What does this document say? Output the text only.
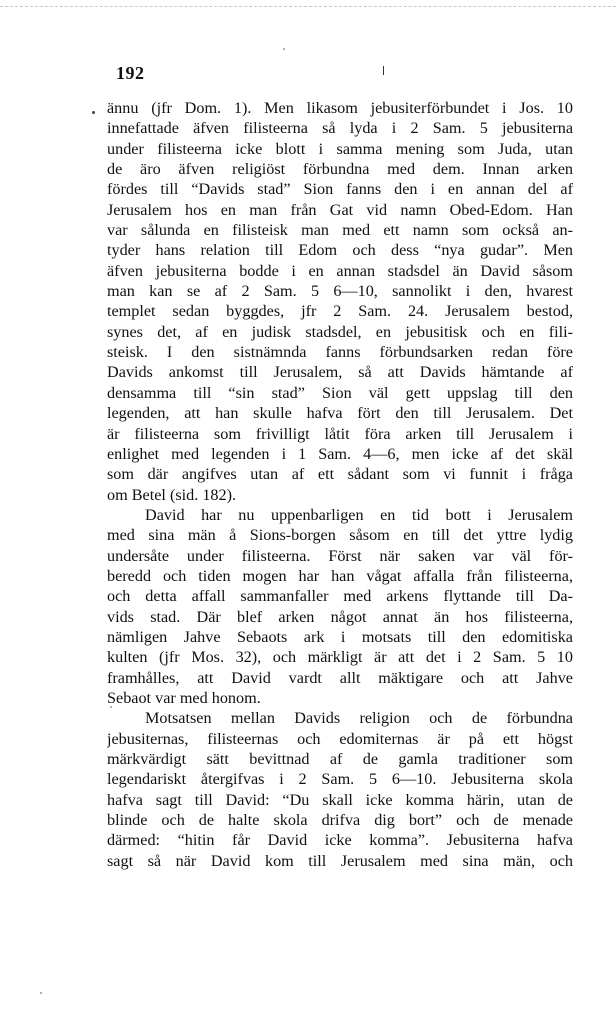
192
ännu (jfr Dom. 1). Men likasom jebusiterförbundet i Jos. 10
innefattade äfven filisteerna så lyda i 2 Sam. 5 jebusiterna
under filisteerna icke blott i samma mening som Juda, utan
de äro äfven religiöst förbundna med dem. Innan arken
fördes till “Davids stad” Sion fanns den i en annan del af
Jerusalem hos en man från Gat vid namn Obed-Edom. Han
var sålunda en filisteisk man med ett namn som också an-
tyder hans relation till Edom och dess “nya gudar”. Men
äfven jebusiterna bodde i en annan stadsdel än David såsom
man kan se af 2 Sam. 5 6—10, sannolikt i den, hvarest
templet sedan byggdes, jfr 2 Sam. 24. Jerusalem bestod,
synes det, af en judisk stadsdel, en jebusitisk och en fili-
steisk. I den sistnämnda fanns förbundsarken redan före
Davids ankomst till Jerusalem, så att Davids hämtande af
densamma till “sin stad” Sion väl gett uppslag till den
legenden, att han skulle hafva fört den till Jerusalem. Det
är filisteerna som frivilligt låtit föra arken till Jerusalem i
enlighet med legenden i 1 Sam. 4—6, men icke af det skäl
som där angifves utan af ett sådant som vi funnit i fråga
om Betel (sid. 182).
David har nu uppenbarligen en tid bott i Jerusalem
med sina män å Sions-borgen såsom en till det yttre lydig
undersåte under filisteerna. Först när saken var väl för-
beredd och tiden mogen har han vågat affalla från filisteerna,
och detta affall sammanfaller med arkens flyttande till Da-
vids stad. Där blef arken något annat än hos filisteerna,
nämligen Jahve Sebaots ark i motsats till den edomitiska
kulten (jfr Mos. 32), och märkligt är att det i 2 Sam. 5 10
framhålles, att David vardt allt mäktigare och att Jahve
Sebaot var med honom.
Motsatsen mellan Davids religion och de förbundna
jebusiternas, filisteernas och edomiternas är på ett högst
märkvärdigt sätt bevittnad af de gamla traditioner som
legendariskt återgifvas i 2 Sam. 5 6—10. Jebusiterna skola
hafva sagt till David: “Du skall icke komma härin, utan de
blinde och de halte skola drifva dig bort” och de menade
därmed: “hitin får David icke komma”. Jebusiterna hafva
sagt så när David kom till Jerusalem med sina män, och
